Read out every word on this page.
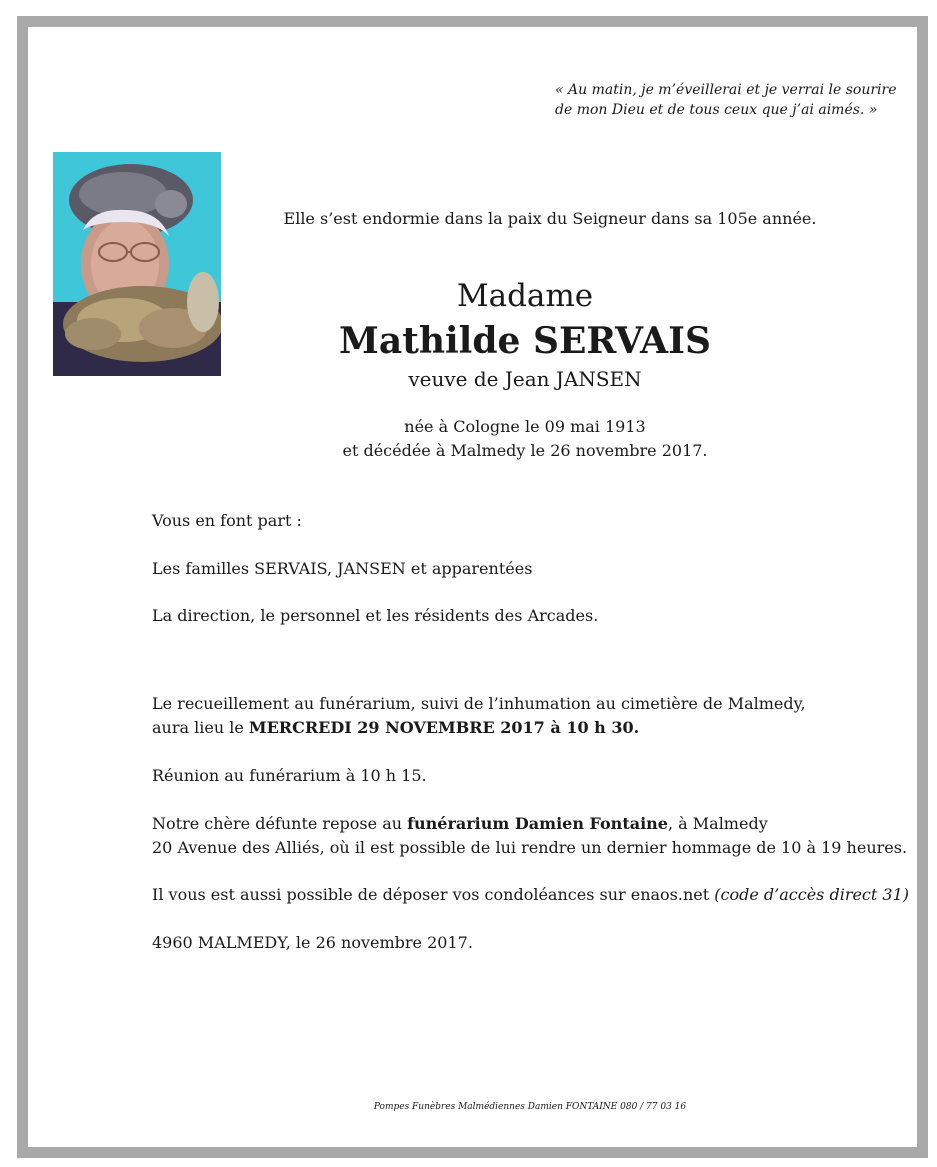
« Au matin, je m’éveillerai et je verrai le sourire
de mon Dieu et de tous ceux que j’ai aimés. »
Elle s’est endormie dans la paix du Seigneur dans sa 105e année.
Madame
Mathilde SERVAIS
veuve de Jean JANSEN
née à Cologne le 09 mai 1913
et décédée à Malmedy le 26 novembre 2017.
Vous en font part :
Les familles SERVAIS, JANSEN et apparentées
La direction, le personnel et les résidents des Arcades.
Le recueillement au funérarium, suivi de l’inhumation au cimetière de Malmedy,
aura lieu le MERCREDI 29 NOVEMBRE 2017 à 10 h 30.
Réunion au funérarium à 10 h 15.
Notre chère défunte repose au funérarium Damien Fontaine, à Malmedy
20 Avenue des Alliés, où il est possible de lui rendre un dernier hommage de 10 à 19 heures.
Il vous est aussi possible de déposer vos condoléances sur enaos.net (code d’accès direct 31)
4960 MALMEDY, le 26 novembre 2017.
Pompes Funèbres Malmédiennes Damien FONTAINE 080 / 77 03 16
